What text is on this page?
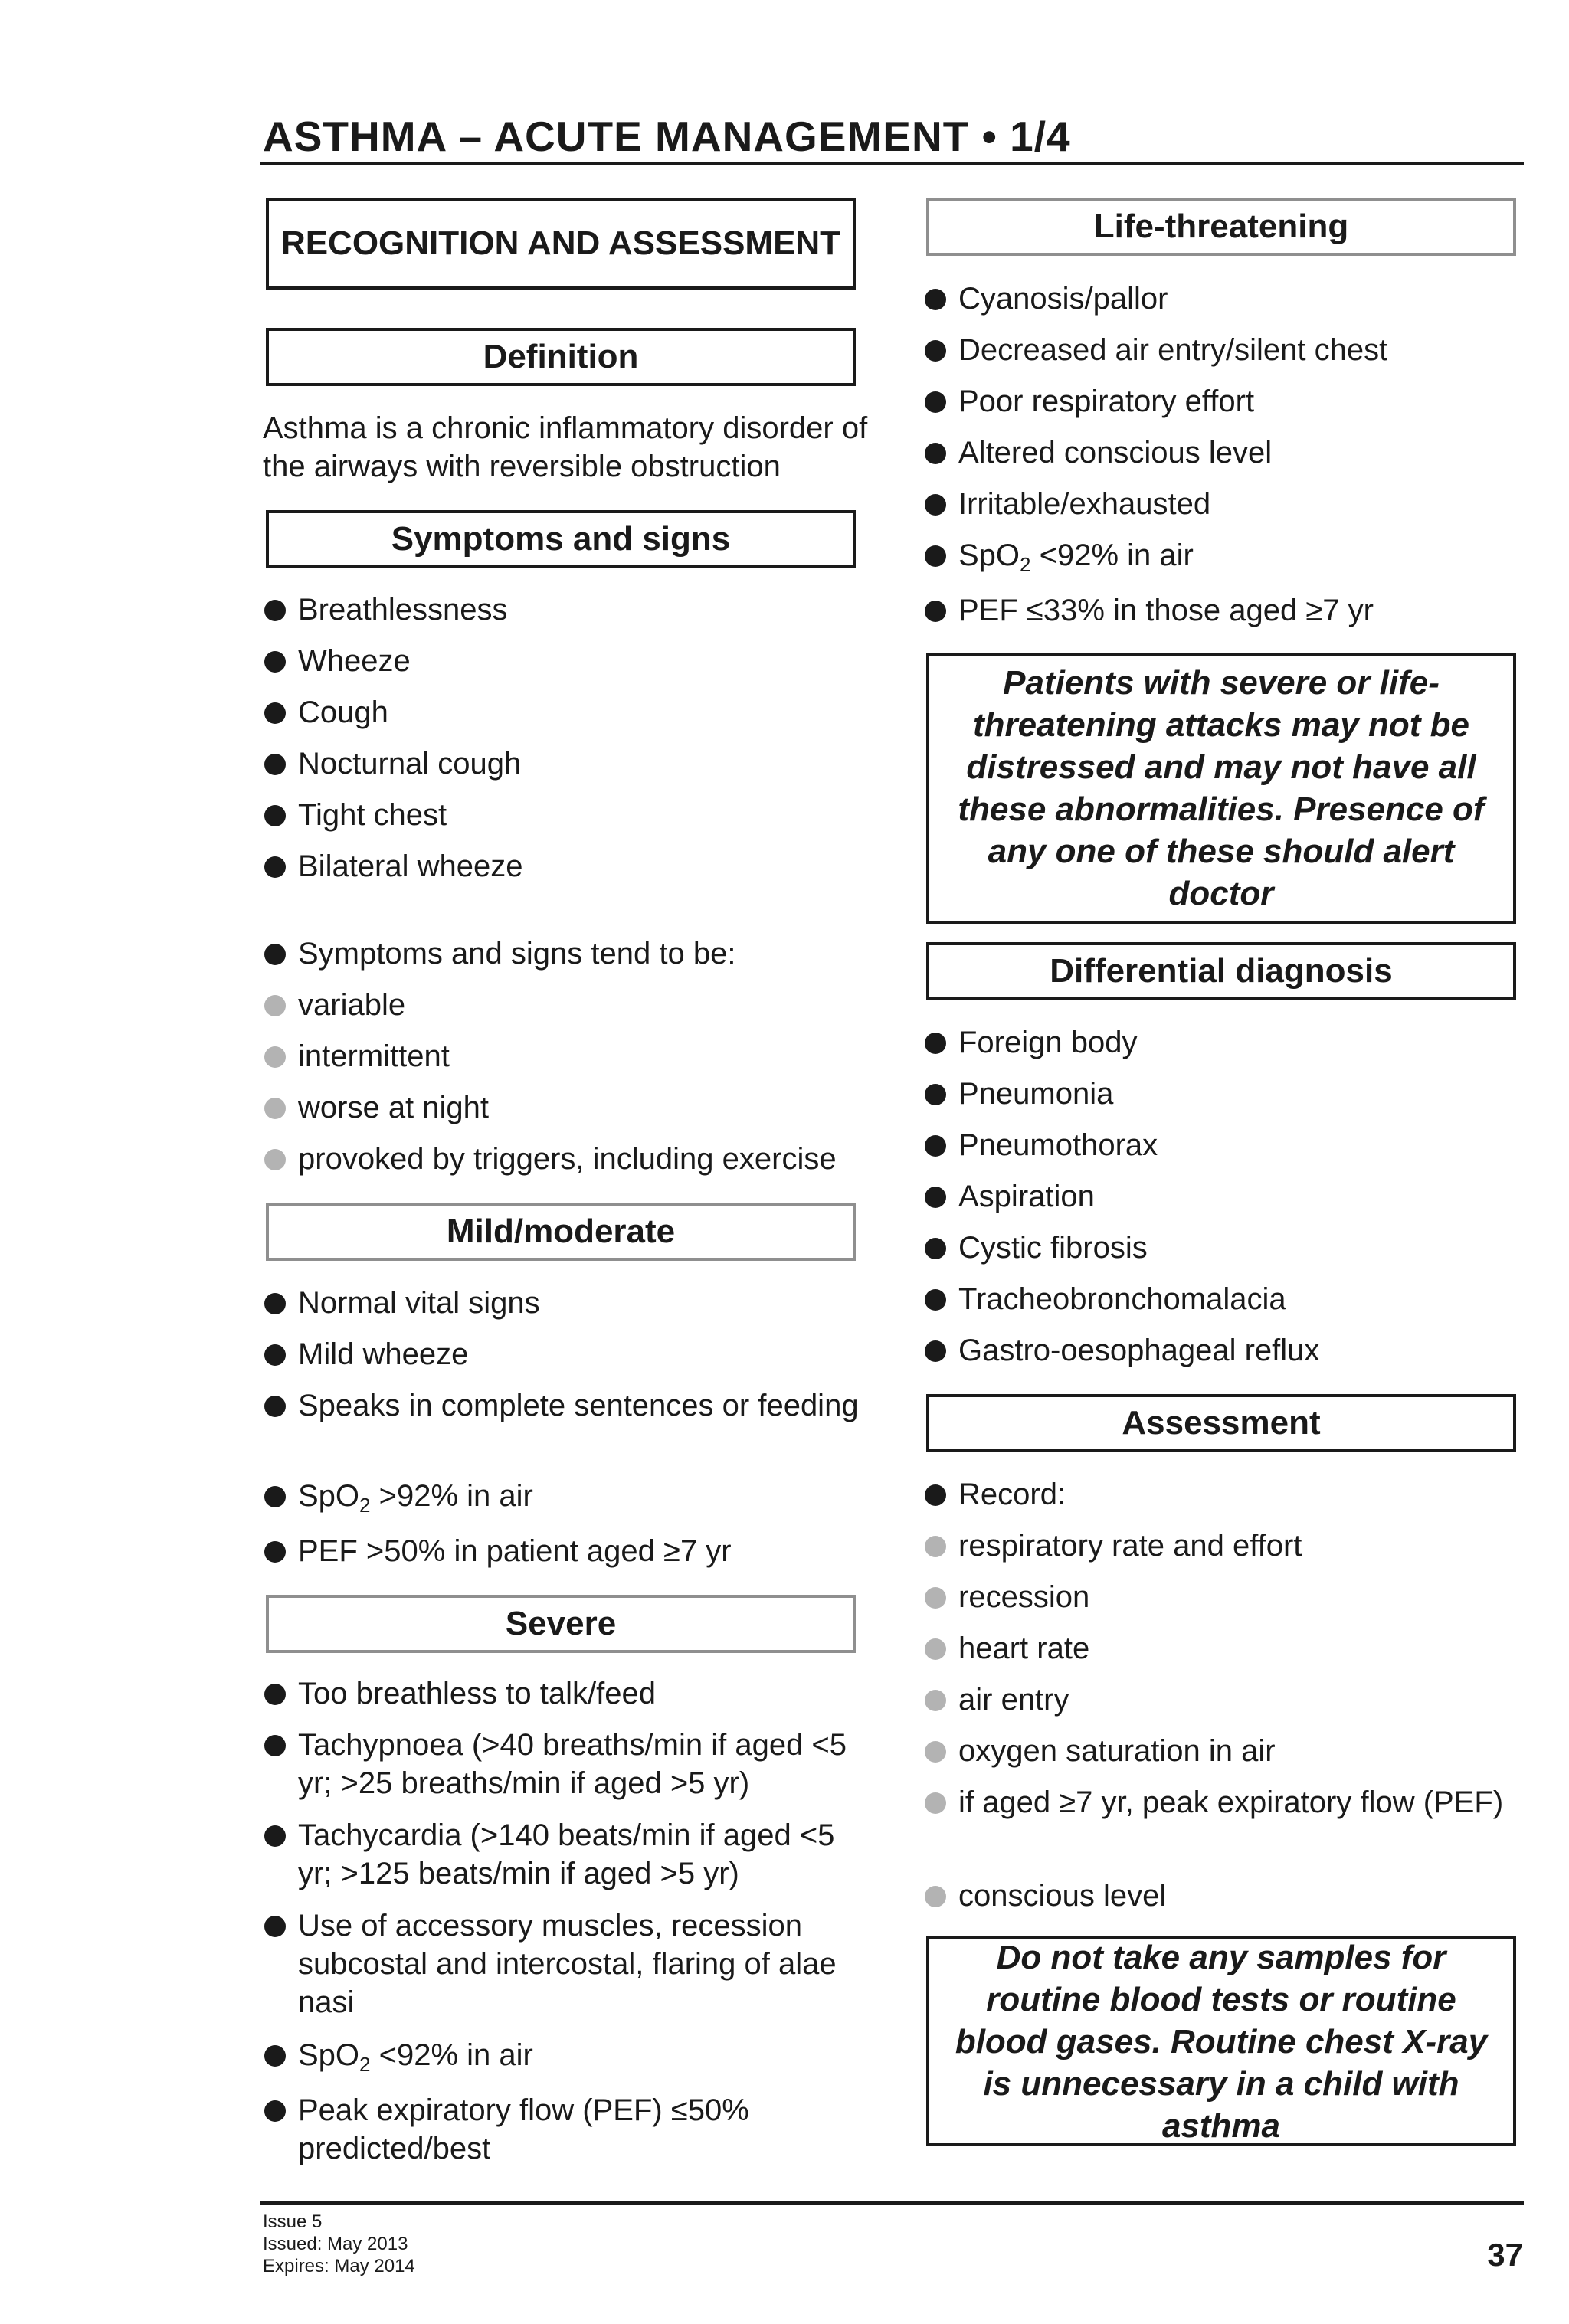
ASTHMA – ACUTE MANAGEMENT • 1/4
RECOGNITION AND ASSESSMENT
Definition
Asthma is a chronic inflammatory disorder of the airways with reversible obstruction
Symptoms and signs
Breathlessness
Wheeze
Cough
Nocturnal cough
Tight chest
Bilateral wheeze
Symptoms and signs tend to be:
variable
intermittent
worse at night
provoked by triggers, including exercise
Mild/moderate
Normal vital signs
Mild wheeze
Speaks in complete sentences or feeding
SpO$_2$ >92% in air
PEF >50% in patient aged ≥7 yr
Severe
Too breathless to talk/feed
Tachypnoea (>40 breaths/min if aged <5 yr; >25 breaths/min if aged >5 yr)
Tachycardia (>140 beats/min if aged <5 yr; >125 beats/min if aged >5 yr)
Use of accessory muscles, recession subcostal and intercostal, flaring of alae nasi
SpO$_2$ <92% in air
Peak expiratory flow (PEF) ≤50% predicted/best
Life-threatening
Cyanosis/pallor
Decreased air entry/silent chest
Poor respiratory effort
Altered conscious level
Irritable/exhausted
SpO$_2$ <92% in air
PEF ≤33% in those aged ≥7 yr
Patients with severe or life-threatening attacks may not be distressed and may not have all these abnormalities. Presence of any one of these should alert doctor
Differential diagnosis
Foreign body
Pneumonia
Pneumothorax
Aspiration
Cystic fibrosis
Tracheobronchomalacia
Gastro-oesophageal reflux
Assessment
Record:
respiratory rate and effort
recession
heart rate
air entry
oxygen saturation in air
if aged ≥7 yr, peak expiratory flow (PEF)
conscious level
Do not take any samples for routine blood tests or routine blood gases. Routine chest X-ray is unnecessary in a child with asthma
Issue 5
Issued: May 2013
Expires: May 2014	37
